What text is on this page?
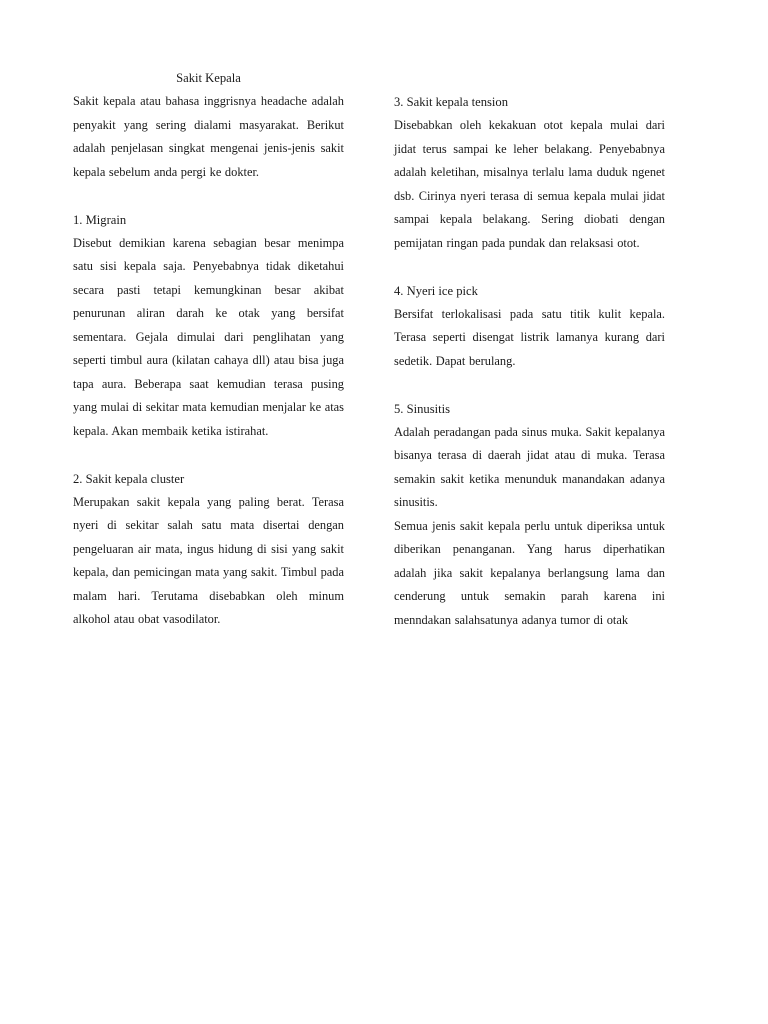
Sakit Kepala

Sakit kepala atau bahasa inggrisnya headache adalah penyakit yang sering dialami masyarakat. Berikut adalah penjelasan singkat mengenai jenis-jenis sakit kepala sebelum anda pergi ke dokter.

1. Migrain

Disebut demikian karena sebagian besar menimpa satu sisi kepala saja. Penyebabnya tidak diketahui secara pasti tetapi kemungkinan besar akibat penurunan aliran darah ke otak yang bersifat sementara. Gejala dimulai dari penglihatan yang seperti timbul aura (kilatan cahaya dll) atau bisa juga tapa aura. Beberapa saat kemudian terasa pusing yang mulai di sekitar mata kemudian menjalar ke atas kepala. Akan membaik ketika istirahat.

2. Sakit kepala cluster

Merupakan sakit kepala yang paling berat. Terasa nyeri di sekitar salah satu mata disertai dengan pengeluaran air mata, ingus hidung di sisi yang sakit kepala, dan pemicingan mata yang sakit. Timbul pada malam hari. Terutama disebabkan oleh minum alkohol atau obat vasodilator.

3. Sakit kepala tension

Disebabkan oleh kekakuan otot kepala mulai dari jidat terus sampai ke leher belakang. Penyebabnya adalah keletihan, misalnya terlalu lama duduk ngenet dsb. Cirinya nyeri terasa di semua kepala mulai jidat sampai kepala belakang. Sering diobati dengan pemijatan ringan pada pundak dan relaksasi otot.

4. Nyeri ice pick

Bersifat terlokalisasi pada satu titik kulit kepala. Terasa seperti disengat listrik lamanya kurang dari sedetik. Dapat berulang.

5. Sinusitis

Adalah peradangan pada sinus muka. Sakit kepalanya bisanya terasa di daerah jidat atau di muka. Terasa semakin sakit ketika menunduk manandakan adanya sinusitis.

Semua jenis sakit kepala perlu untuk diperiksa untuk diberikan penanganan. Yang harus diperhatikan adalah jika sakit kepalanya berlangsung lama dan cenderung untuk semakin parah karena ini menndakan salahsatunya adanya tumor di otak
